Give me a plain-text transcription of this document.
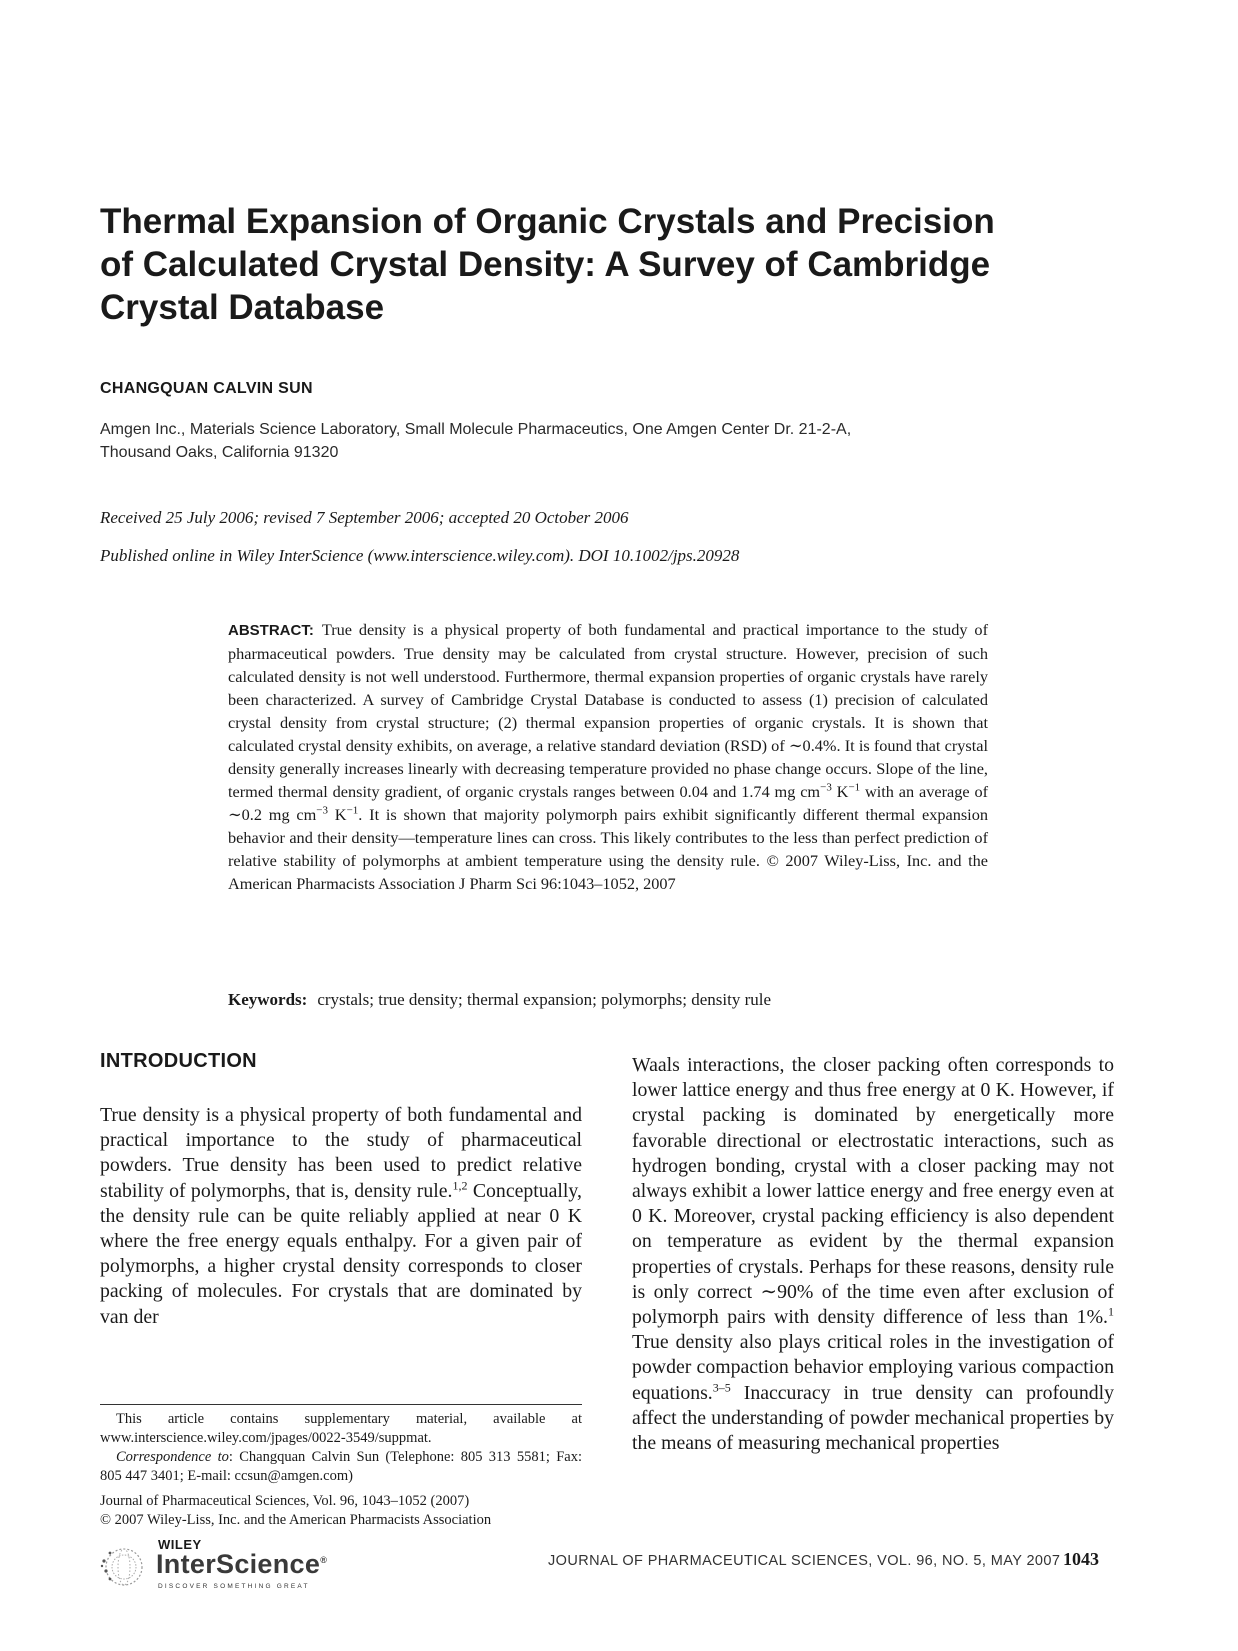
Thermal Expansion of Organic Crystals and Precision
of Calculated Crystal Density: A Survey of Cambridge
Crystal Database

CHANGQUAN CALVIN SUN

Amgen Inc., Materials Science Laboratory, Small Molecule Pharmaceutics, One Amgen Center Dr. 21-2-A,
Thousand Oaks, California 91320

Received 25 July 2006; revised 7 September 2006; accepted 20 October 2006

Published online in Wiley InterScience (www.interscience.wiley.com). DOI 10.1002/jps.20928

ABSTRACT: True density is a physical property of both fundamental and practical importance to the study of pharmaceutical powders. True density may be calculated from crystal structure. However, precision of such calculated density is not well understood. Furthermore, thermal expansion properties of organic crystals have rarely been characterized. A survey of Cambridge Crystal Database is conducted to assess (1) precision of calculated crystal density from crystal structure; (2) thermal expansion properties of organic crystals. It is shown that calculated crystal density exhibits, on average, a relative standard deviation (RSD) of ∼0.4%. It is found that crystal density generally increases linearly with decreasing temperature provided no phase change occurs. Slope of the line, termed thermal density gradient, of organic crystals ranges between 0.04 and 1.74 mg $cm^{-3}$ $K^{-1}$ with an average of ∼0.2 mg $cm^{-3}$ $K^{-1}$. It is shown that majority polymorph pairs exhibit significantly different thermal expansion behavior and their density—temperature lines can cross. This likely contributes to the less than perfect prediction of relative stability of polymorphs at ambient temperature using the density rule. © 2007 Wiley-Liss, Inc. and the American Pharmacists Association J Pharm Sci 96:1043–1052, 2007

Keywords: crystals; true density; thermal expansion; polymorphs; density rule

INTRODUCTION

True density is a physical property of both fundamental and practical importance to the study of pharmaceutical powders. True density has been used to predict relative stability of polymorphs, that is, density rule.$^{1,2}$ Conceptually, the density rule can be quite reliably applied at near 0 K where the free energy equals enthalpy. For a given pair of polymorphs, a higher crystal density corresponds to closer packing of molecules. For crystals that are dominated by van der

Waals interactions, the closer packing often corresponds to lower lattice energy and thus free energy at 0 K. However, if crystal packing is dominated by energetically more favorable directional or electrostatic interactions, such as hydrogen bonding, crystal with a closer packing may not always exhibit a lower lattice energy and free energy even at 0 K. Moreover, crystal packing efficiency is also dependent on temperature as evident by the thermal expansion properties of crystals. Perhaps for these reasons, density rule is only correct ∼90% of the time even after exclusion of polymorph pairs with density difference of less than 1%.$^1$ True density also plays critical roles in the investigation of powder compaction behavior employing various compaction equations.$^{3-5}$ Inaccuracy in true density can profoundly affect the understanding of powder mechanical properties by the means of measuring mechanical properties

This article contains supplementary material, available at www.interscience.wiley.com/jpages/0022-3549/suppmat.

Correspondence to: Changquan Calvin Sun (Telephone: 805 313 5581; Fax: 805 447 3401; E-mail: ccsun@amgen.com)

Journal of Pharmaceutical Sciences, Vol. 96, 1043–1052 (2007)

© 2007 Wiley-Liss, Inc. and the American Pharmacists Association

WILEY
InterScience®
DISCOVER SOMETHING GREAT
JOURNAL OF PHARMACEUTICAL SCIENCES, VOL. 96, NO. 5, MAY 2007 1043
